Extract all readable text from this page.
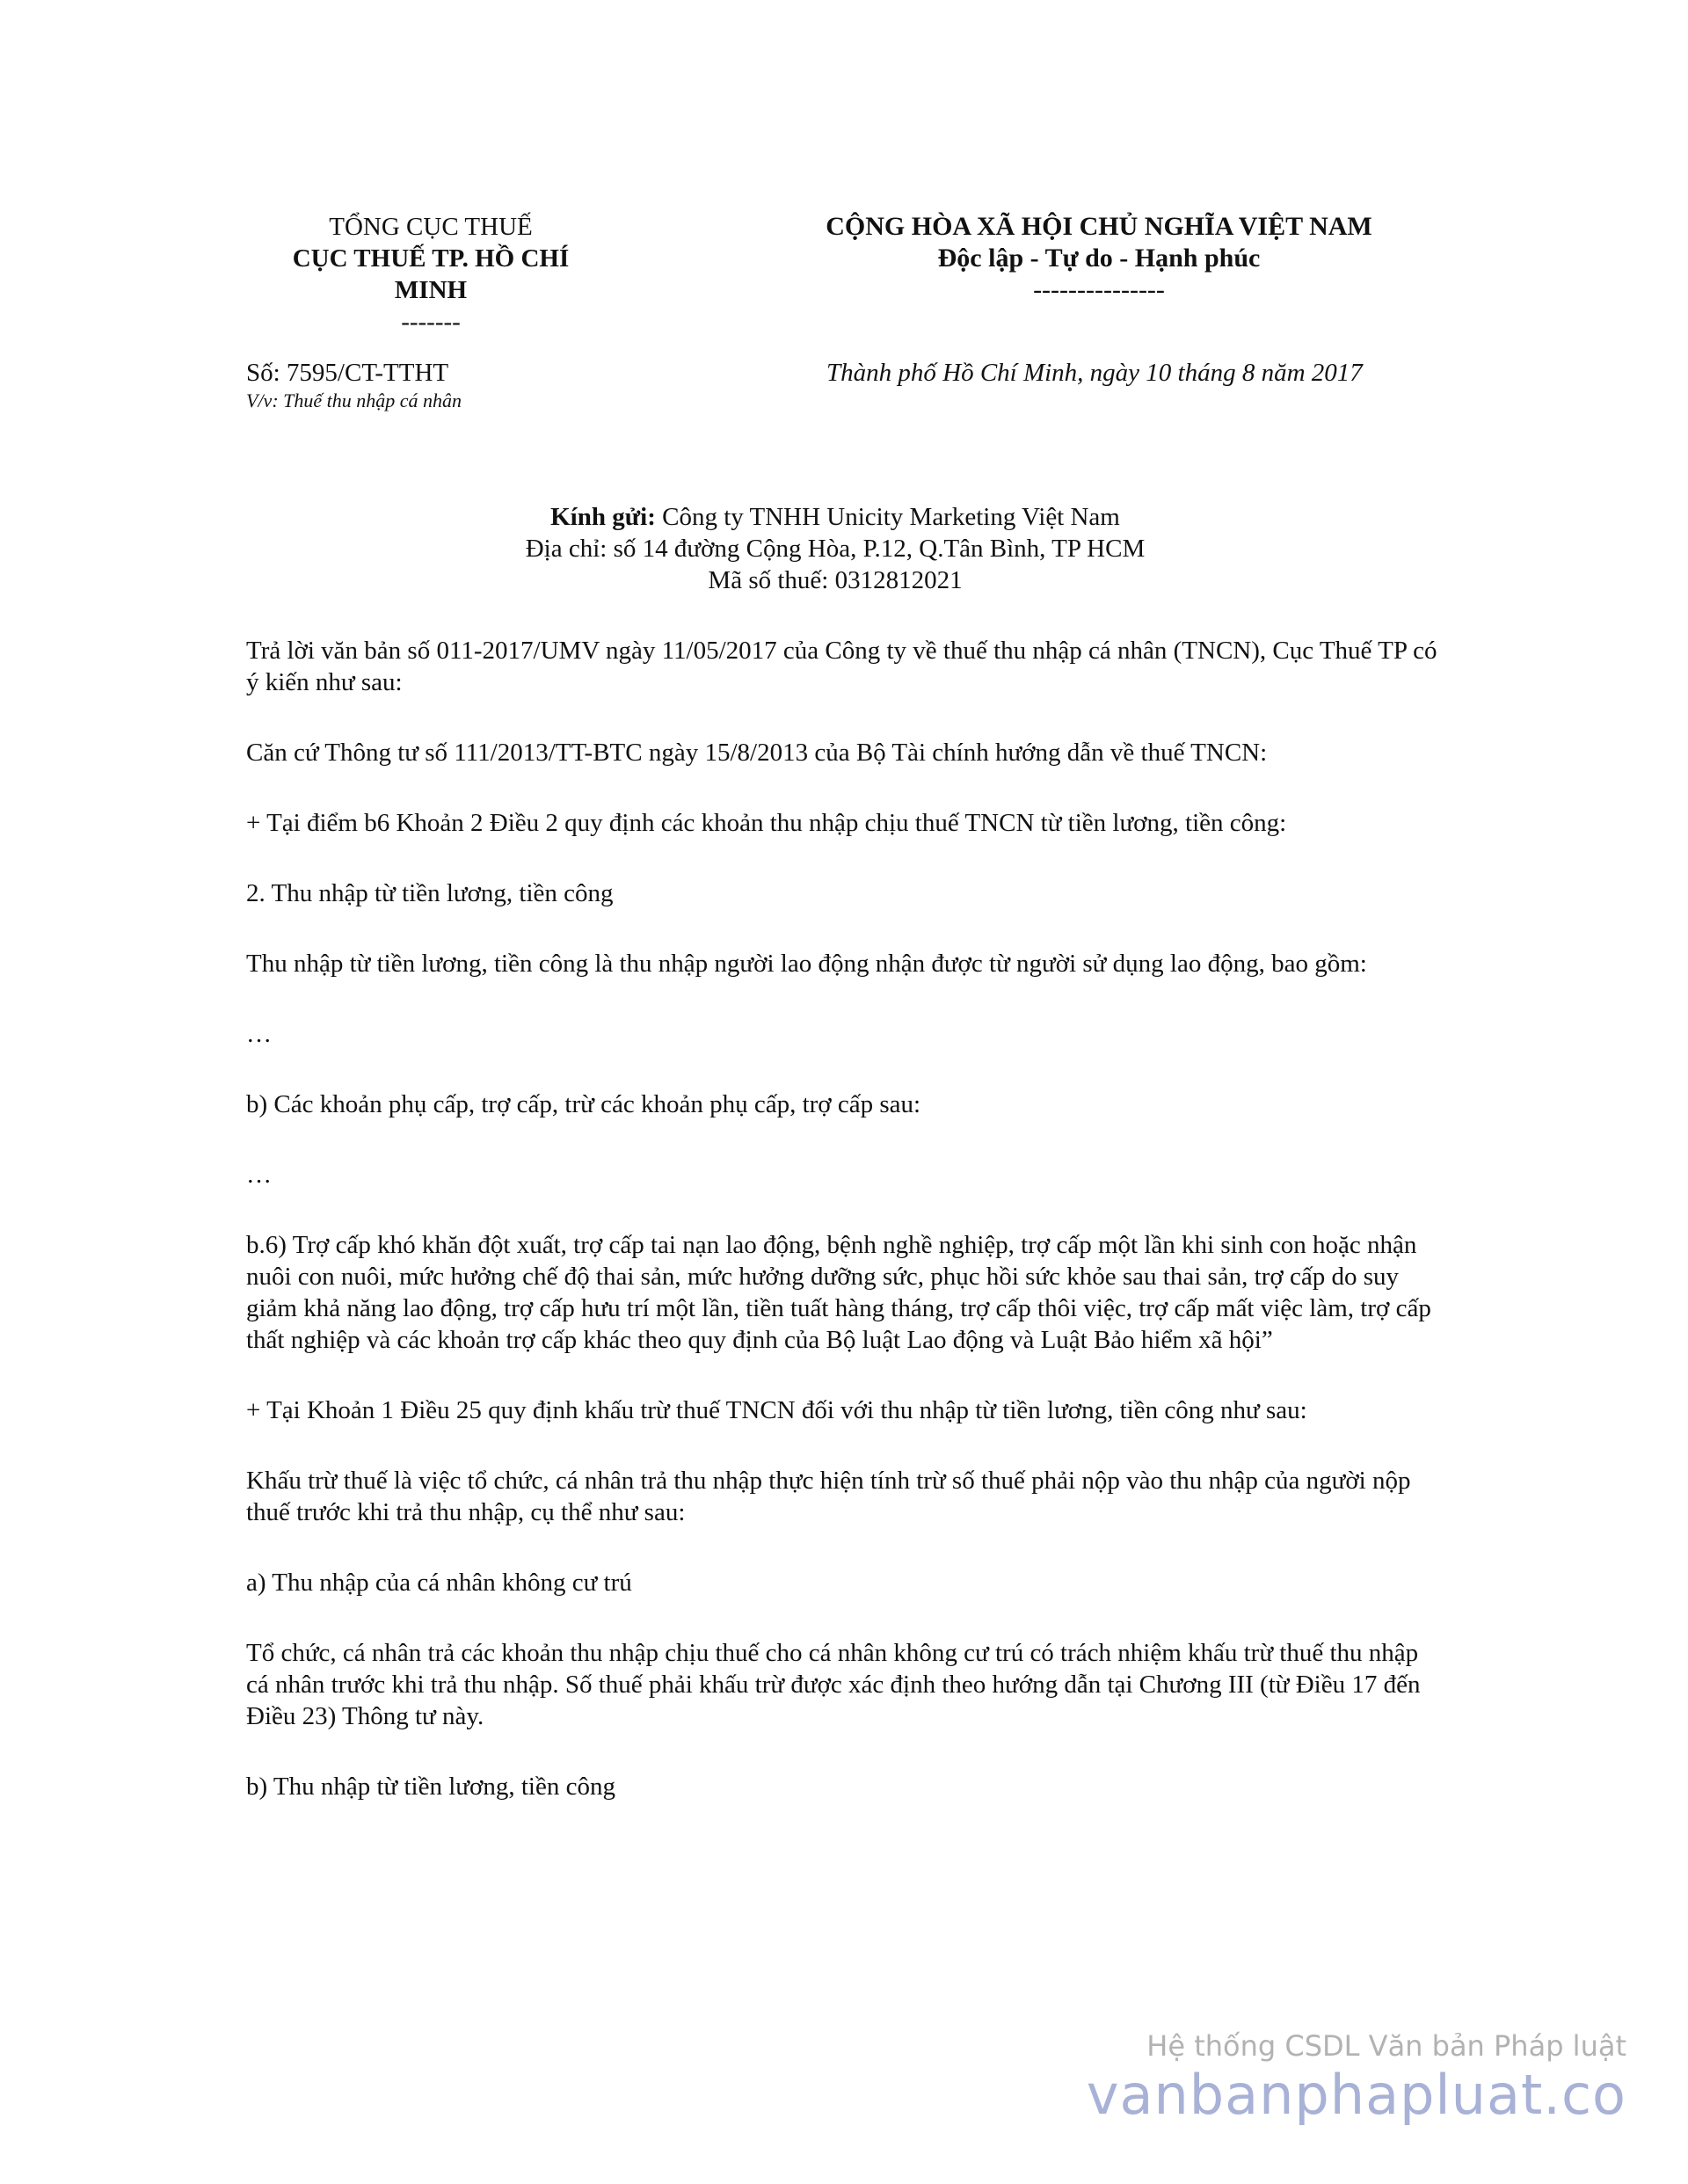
TỔNG CỤC THUẾ
CỤC THUẾ TP. HỒ CHÍ
MINH
-------
CỘNG HÒA XÃ HỘI CHỦ NGHĨA VIỆT NAM
Độc lập - Tự do - Hạnh phúc
---------------
Số: 7595/CT-TTHT
V/v: Thuế thu nhập cá nhân
Thành phố Hồ Chí Minh, ngày 10 tháng 8 năm 2017
Kính gửi: Công ty TNHH Unicity Marketing Việt Nam
Địa chỉ: số 14 đường Cộng Hòa, P.12, Q.Tân Bình, TP HCM
Mã số thuế: 0312812021

Trả lời văn bản số 011-2017/UMV ngày 11/05/2017 của Công ty về thuế thu nhập cá nhân (TNCN), Cục Thuế TP có ý kiến như sau:

Căn cứ Thông tư số 111/2013/TT-BTC ngày 15/8/2013 của Bộ Tài chính hướng dẫn về thuế TNCN:

+ Tại điểm b6 Khoản 2 Điều 2 quy định các khoản thu nhập chịu thuế TNCN từ tiền lương, tiền công:

2. Thu nhập từ tiền lương, tiền công

Thu nhập từ tiền lương, tiền công là thu nhập người lao động nhận được từ người sử dụng lao động, bao gồm:

…

b) Các khoản phụ cấp, trợ cấp, trừ các khoản phụ cấp, trợ cấp sau:

…

b.6) Trợ cấp khó khăn đột xuất, trợ cấp tai nạn lao động, bệnh nghề nghiệp, trợ cấp một lần khi sinh con hoặc nhận nuôi con nuôi, mức hưởng chế độ thai sản, mức hưởng dưỡng sức, phục hồi sức khỏe sau thai sản, trợ cấp do suy giảm khả năng lao động, trợ cấp hưu trí một lần, tiền tuất hàng tháng, trợ cấp thôi việc, trợ cấp mất việc làm, trợ cấp thất nghiệp và các khoản trợ cấp khác theo quy định của Bộ luật Lao động và Luật Bảo hiểm xã hội”

+ Tại Khoản 1 Điều 25 quy định khấu trừ thuế TNCN đối với thu nhập từ tiền lương, tiền công như sau:

Khấu trừ thuế là việc tổ chức, cá nhân trả thu nhập thực hiện tính trừ số thuế phải nộp vào thu nhập của người nộp thuế trước khi trả thu nhập, cụ thể như sau:

a) Thu nhập của cá nhân không cư trú

Tổ chức, cá nhân trả các khoản thu nhập chịu thuế cho cá nhân không cư trú có trách nhiệm khấu trừ thuế thu nhập cá nhân trước khi trả thu nhập. Số thuế phải khấu trừ được xác định theo hướng dẫn tại Chương III (từ Điều 17 đến Điều 23) Thông tư này.

b) Thu nhập từ tiền lương, tiền công

Hệ thống CSDL Văn bản Pháp luật
vanbanphapluat.co
